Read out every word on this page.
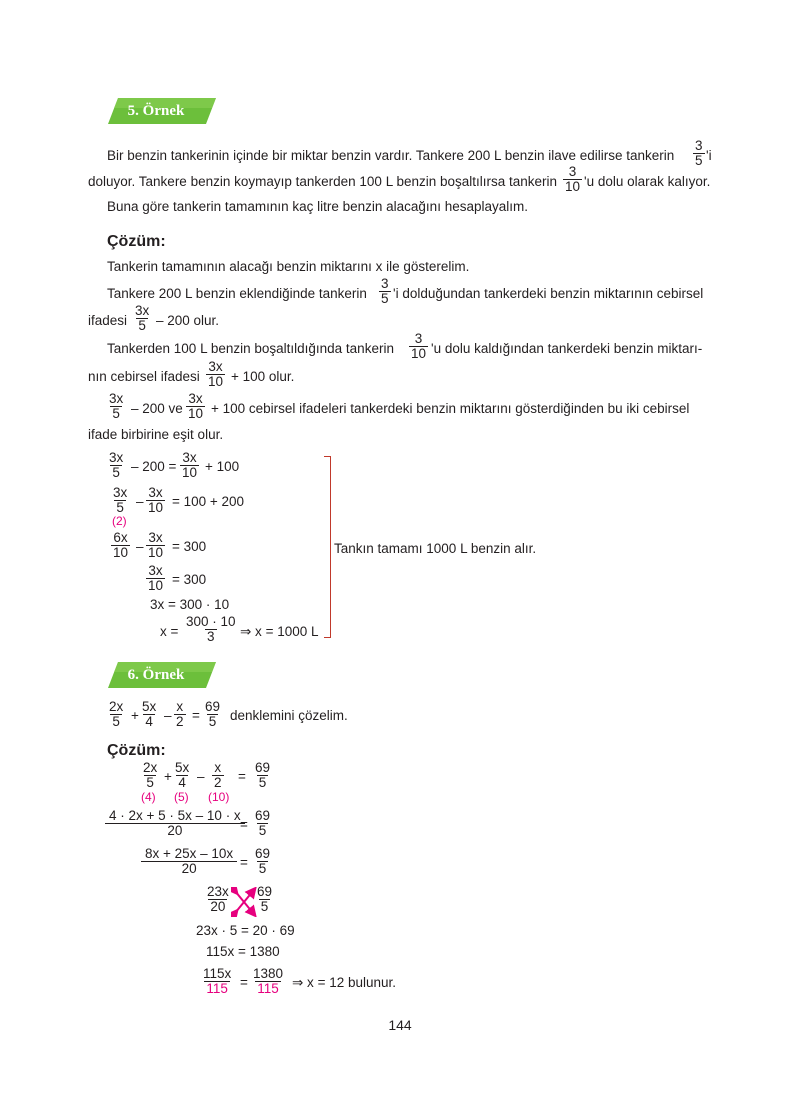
5. Örnek
Bir benzin tankerinin içinde bir miktar benzin vardır. Tankere 200 L benzin ilave edilirse tankerin $\frac{3}{5}$ 'i
doluyor. Tankere benzin koymayıp tankerden 100 L benzin boşaltılırsa tankerin $\frac{3}{10}$ 'u dolu olarak kalıyor.
Buna göre tankerin tamamının kaç litre benzin alacağını hesaplayalım.
Çözüm:
Tankerin tamamının alacağı benzin miktarını x ile gösterelim.
Tankere 200 L benzin eklendiğinde tankerin $\frac{3}{5}$ 'i dolduğundan tankerdeki benzin miktarının cebirsel
ifadesi $\frac{3x}{5} - 200$ olur.
Tankerden 100 L benzin boşaltıldığında tankerin $\frac{3}{10}$ 'u dolu kaldığından tankerdeki benzin miktarı-
nın cebirsel ifadesi $\frac{3x}{10} + 100$ olur.
$\frac{3x}{5} - 200$ ve $\frac{3x}{10} + 100$ cebirsel ifadeleri tankerdeki benzin miktarını gösterdiğinden bu iki cebirsel
ifade birbirine eşit olur.
$\frac{3x}{5} - 200 = \frac{3x}{10} + 100$
$\frac{3x}{5} - \frac{3x}{10} = 100 + 200$
(2)
$\frac{6x}{10} - \frac{3x}{10} = 300$
$\frac{3x}{10} = 300$
3x = 300 · 10
$x = \frac{300 \cdot 10}{3}$ ⇒ x = 1000 L
Tankın tamamı 1000 L benzin alır.
6. Örnek
$\frac{2x}{5} + \frac{5x}{4} - \frac{x}{2} = \frac{69}{5}$ denklemini çözelim.
Çözüm:
$\frac{2x}{5} + \frac{5x}{4} - \frac{x}{2} = \frac{69}{5}$
(4) (5) (10)
$\frac{4 \cdot 2x + 5 \cdot 5x - 10 \cdot x}{20}$
= $\frac{69}{5}$
$\frac{8x + 25x - 10x}{20} = \frac{69}{5}$
$\frac{23x}{20} \frac{69}{5}$
23x · 5 = 20 · 69
115x = 1380
$\frac{115x}{115} = \frac{1380}{115}$ ⇒ x = 12 bulunur.
144
